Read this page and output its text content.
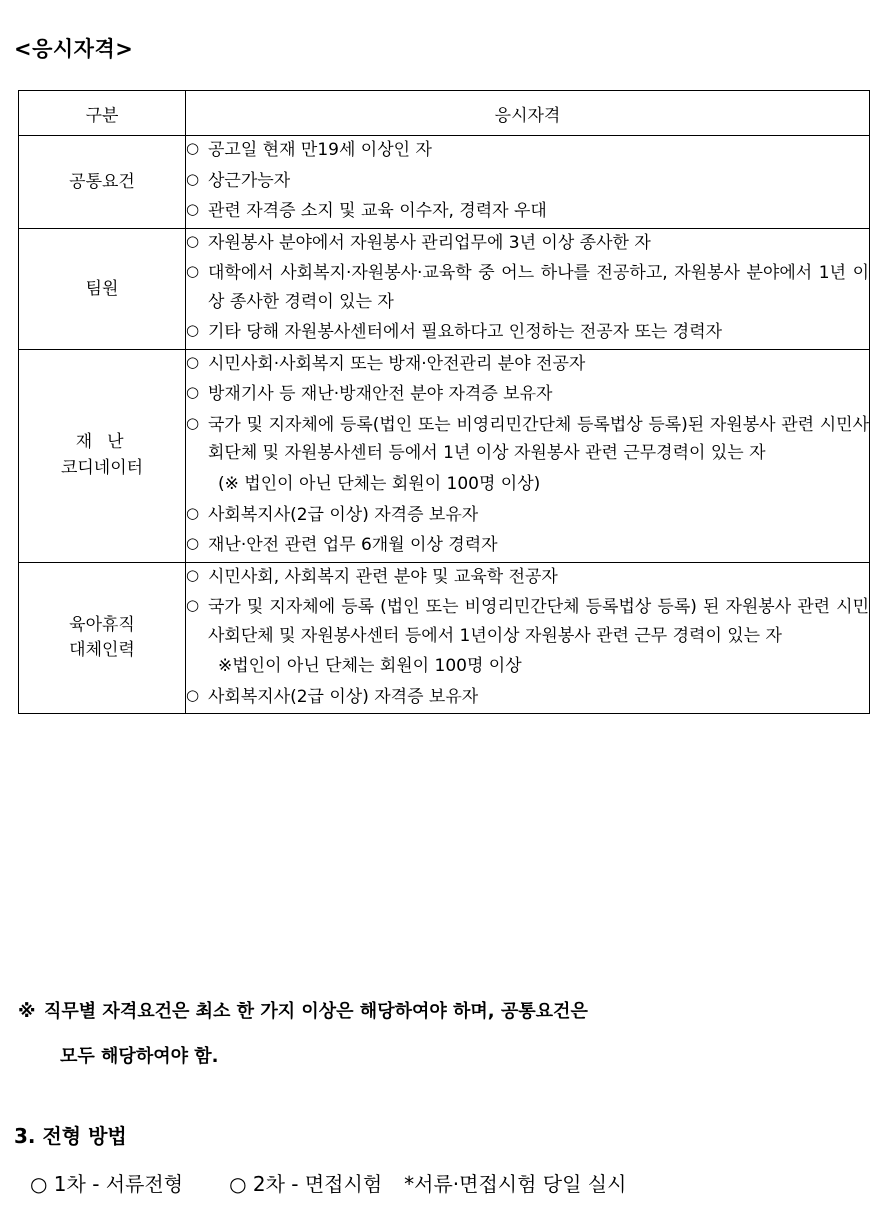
<응시자격>
구분	응시자격
공통요건	
○ 공고일 현재 만19세 이상인 자
○ 상근가능자
○ 관련 자격증 소지 및 교육 이수자, 경력자 우대

팀원	
○ 자원봉사 분야에서 자원봉사 관리업무에 3년 이상 종사한 자
○ 대학에서 사회복지·자원봉사·교육학 중 어느 하나를 전공하고, 자원봉사 분야에서 1년 이상 종사한 경력이 있는 자
○ 기타 당해 자원봉사센터에서 필요하다고 인정하는 전공자 또는 경력자

재 난
코디네이터

○ 시민사회·사회복지 또는 방재·안전관리 분야 전공자
○ 방재기사 등 재난·방재안전 분야 자격증 보유자
○ 국가 및 지자체에 등록(법인 또는 비영리민간단체 등록법상 등록)된 자원봉사 관련 시민사회단체 및 자원봉사센터 등에서 1년 이상 자원봉사 관련 근무경력이 있는 자
(※ 법인이 아닌 단체는 회원이 100명 이상)
○ 사회복지사(2급 이상) 자격증 보유자
○ 재난·안전 관련 업무 6개월 이상 경력자

육아휴직
대체인력

○ 시민사회, 사회복지 관련 분야 및 교육학 전공자
○ 국가 및 지자체에 등록 (법인 또는 비영리민간단체 등록법상 등록) 된 자원봉사 관련 시민사회단체 및 자원봉사센터 등에서 1년이상 자원봉사 관련 근무 경력이 있는 자
※법인이 아닌 단체는 회원이 100명 이상
○ 사회복지사(2급 이상) 자격증 보유자
※ 직무별 자격요건은 최소 한 가지 이상은 해당하여야 하며, 공통요건은
모두 해당하여야 함.
3. 전형 방법
○ 1차 - 서류전형 ○ 2차 - 면접시험 *서류·면접시험 당일 실시
